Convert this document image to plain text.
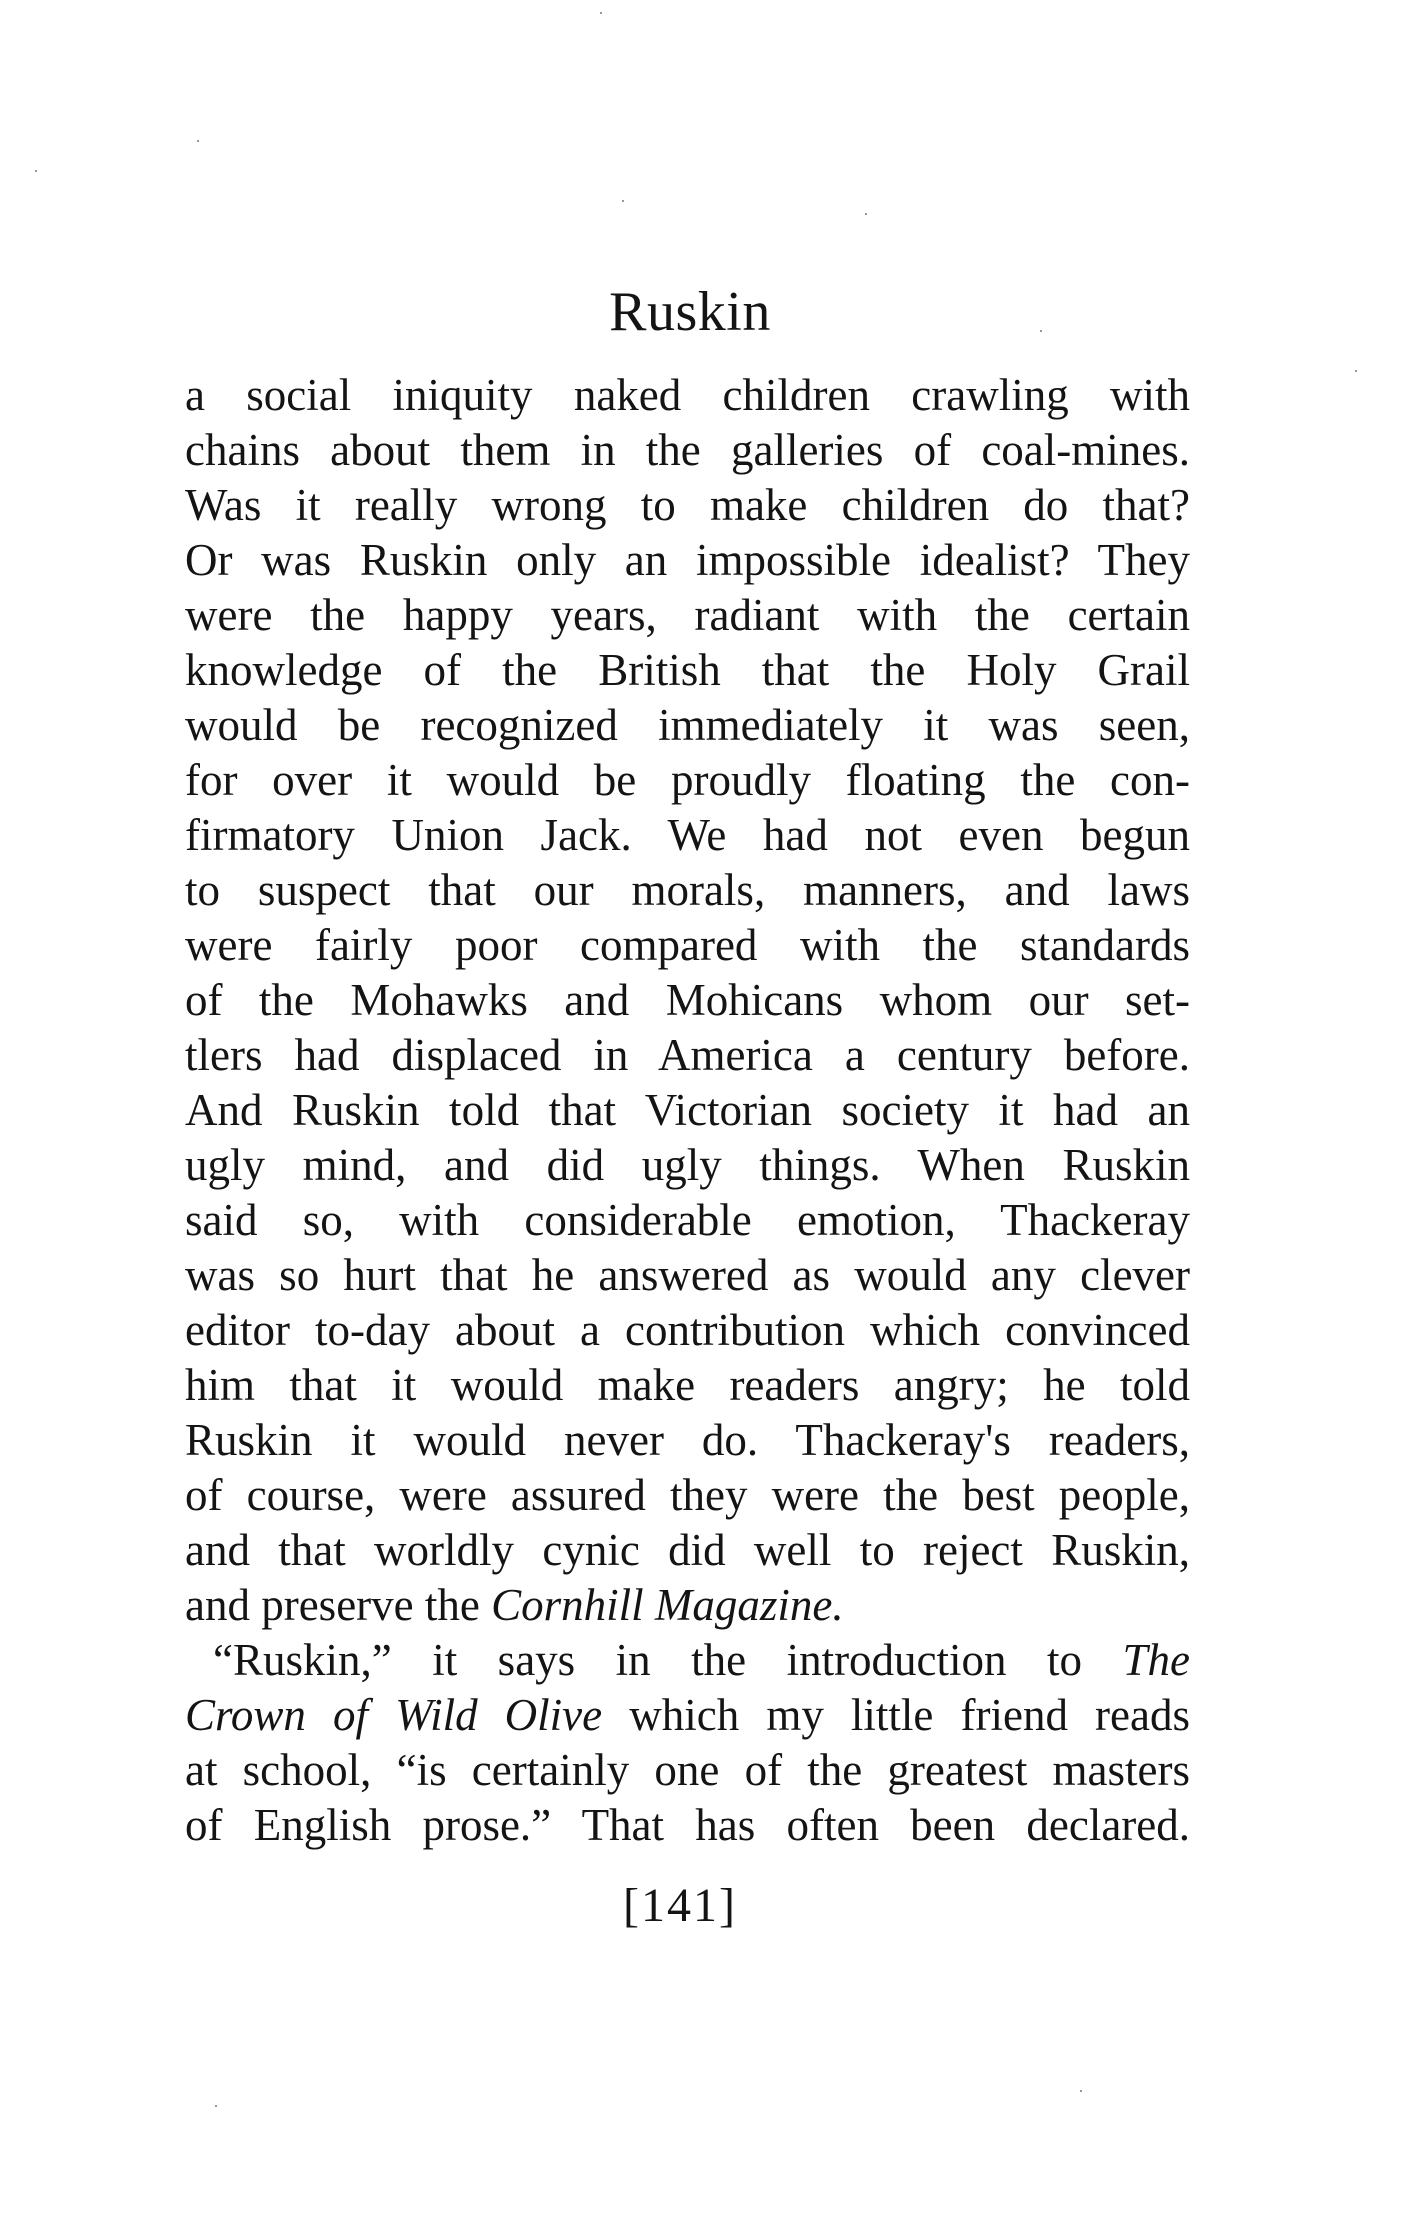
Ruskin
a social iniquity naked children crawling with
chains about them in the galleries of coal-mines.
Was it really wrong to make children do that?
Or was Ruskin only an impossible idealist? They
were the happy years, radiant with the certain
knowledge of the British that the Holy Grail
would be recognized immediately it was seen,
for over it would be proudly floating the con-
firmatory Union Jack. We had not even begun
to suspect that our morals, manners, and laws
were fairly poor compared with the standards
of the Mohawks and Mohicans whom our set-
tlers had displaced in America a century before.
And Ruskin told that Victorian society it had an
ugly mind, and did ugly things. When Ruskin
said so, with considerable emotion, Thackeray
was so hurt that he answered as would any clever
editor to-day about a contribution which convinced
him that it would make readers angry; he told
Ruskin it would never do. Thackeray's readers,
of course, were assured they were the best people,
and that worldly cynic did well to reject Ruskin,
and preserve the Cornhill Magazine.
“Ruskin,” it says in the introduction to The
Crown of Wild Olive which my little friend reads
at school, “is certainly one of the greatest masters
of English prose.” That has often been declared.
[141]
